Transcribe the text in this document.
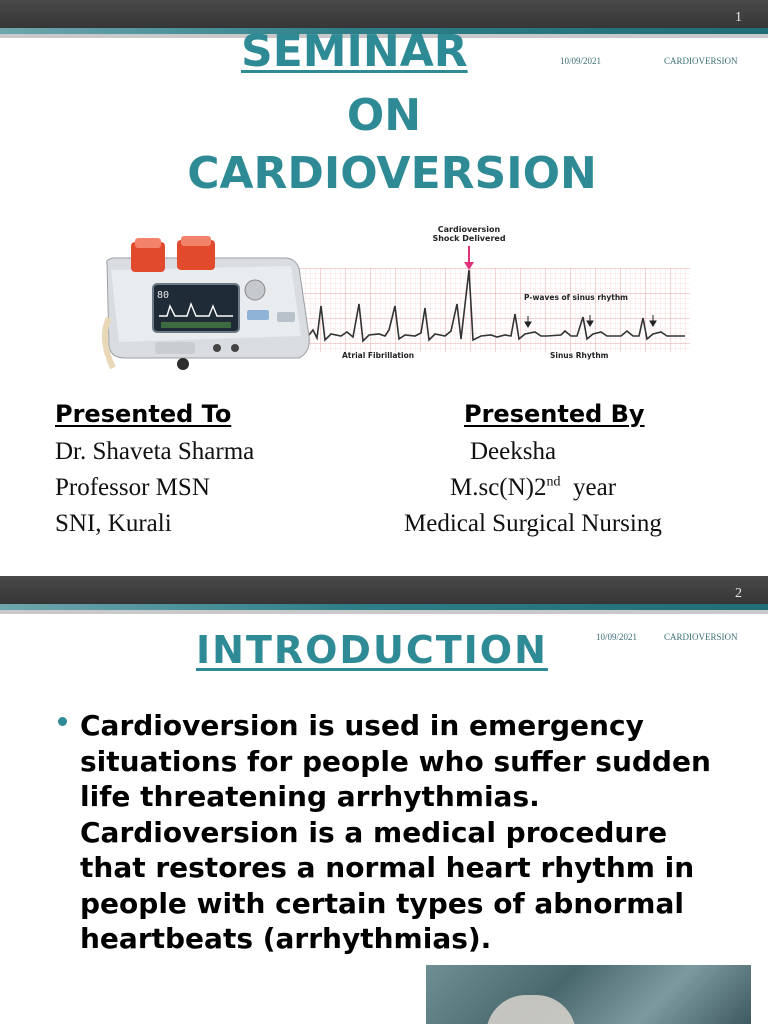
1
10/09/2021	CARDIOVERSION
SEMINAR
ON
CARDIOVERSION
Cardioversion
Shock Delivered
P-waves of sinus rhythm
Atrial Fibrillation	Sinus Rhythm
80
Presented To
Dr. Shaveta Sharma
Professor MSN
SNI, Kurali
Presented By
Deeksha
M.sc(N)2nd  year
Medical Surgical Nursing
2
10/09/2021	CARDIOVERSION
INTRODUCTION
Cardioversion is used in emergency situations for people who suffer sudden life threatening arrhythmias. Cardioversion is a medical procedure that restores a normal heart rhythm in people with certain types of abnormal heartbeats (arrhythmias).
